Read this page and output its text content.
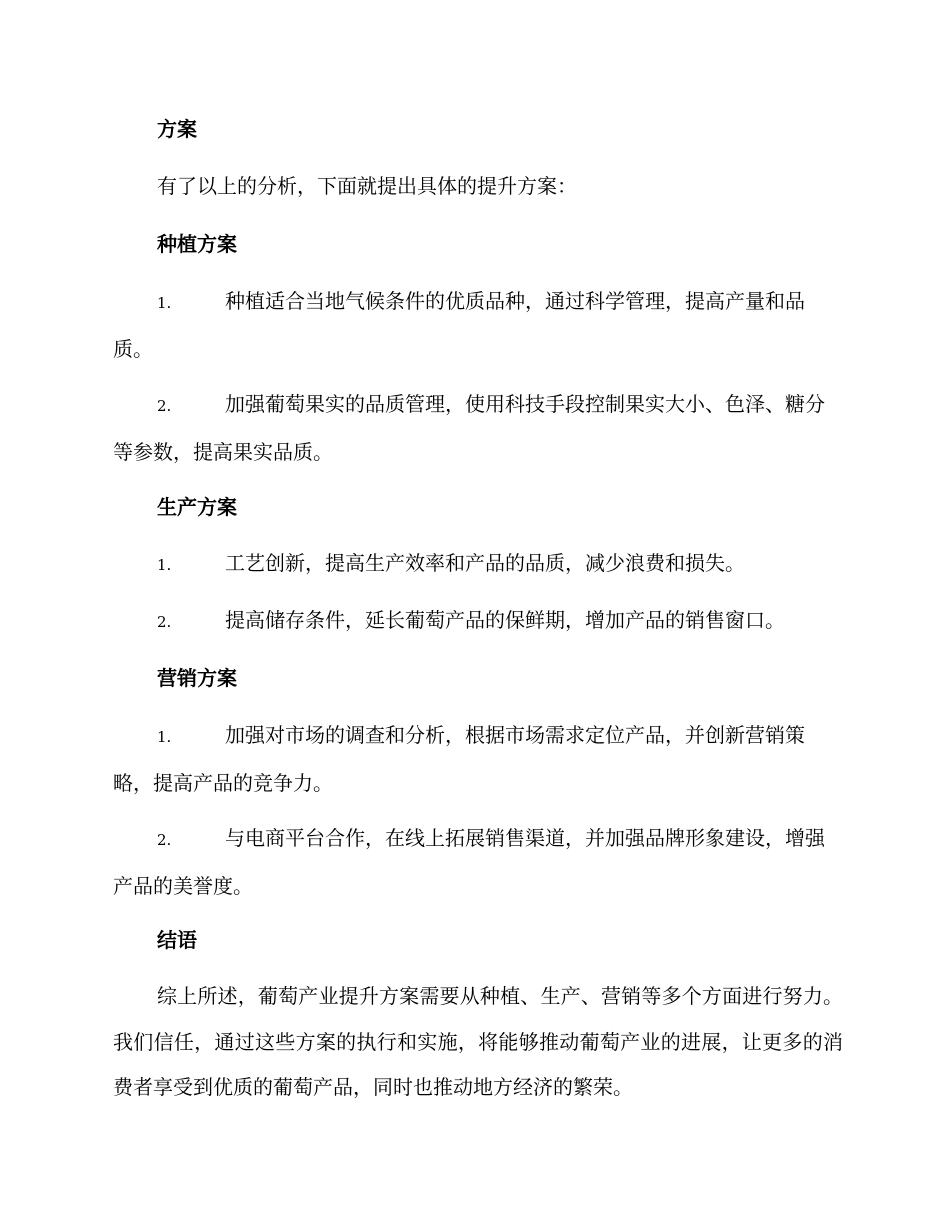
方案
有了以上的分析，下面就提出具体的提升方案：
种植方案
1.	种植适合当地气候条件的优质品种，通过科学管理，提高产量和品质。
2.	加强葡萄果实的品质管理，使用科技手段控制果实大小、色泽、糖分等参数，提高果实品质。
生产方案
1.	工艺创新，提高生产效率和产品的品质，减少浪费和损失。
2.	提高储存条件，延长葡萄产品的保鲜期，增加产品的销售窗口。
营销方案
1.	加强对市场的调查和分析，根据市场需求定位产品，并创新营销策略，提高产品的竞争力。
2.	与电商平台合作，在线上拓展销售渠道，并加强品牌形象建设，增强产品的美誉度。
结语
综上所述，葡萄产业提升方案需要从种植、生产、营销等多个方面进行努力。我们信任，通过这些方案的执行和实施，将能够推动葡萄产业的进展，让更多的消费者享受到优质的葡萄产品，同时也推动地方经济的繁荣。
